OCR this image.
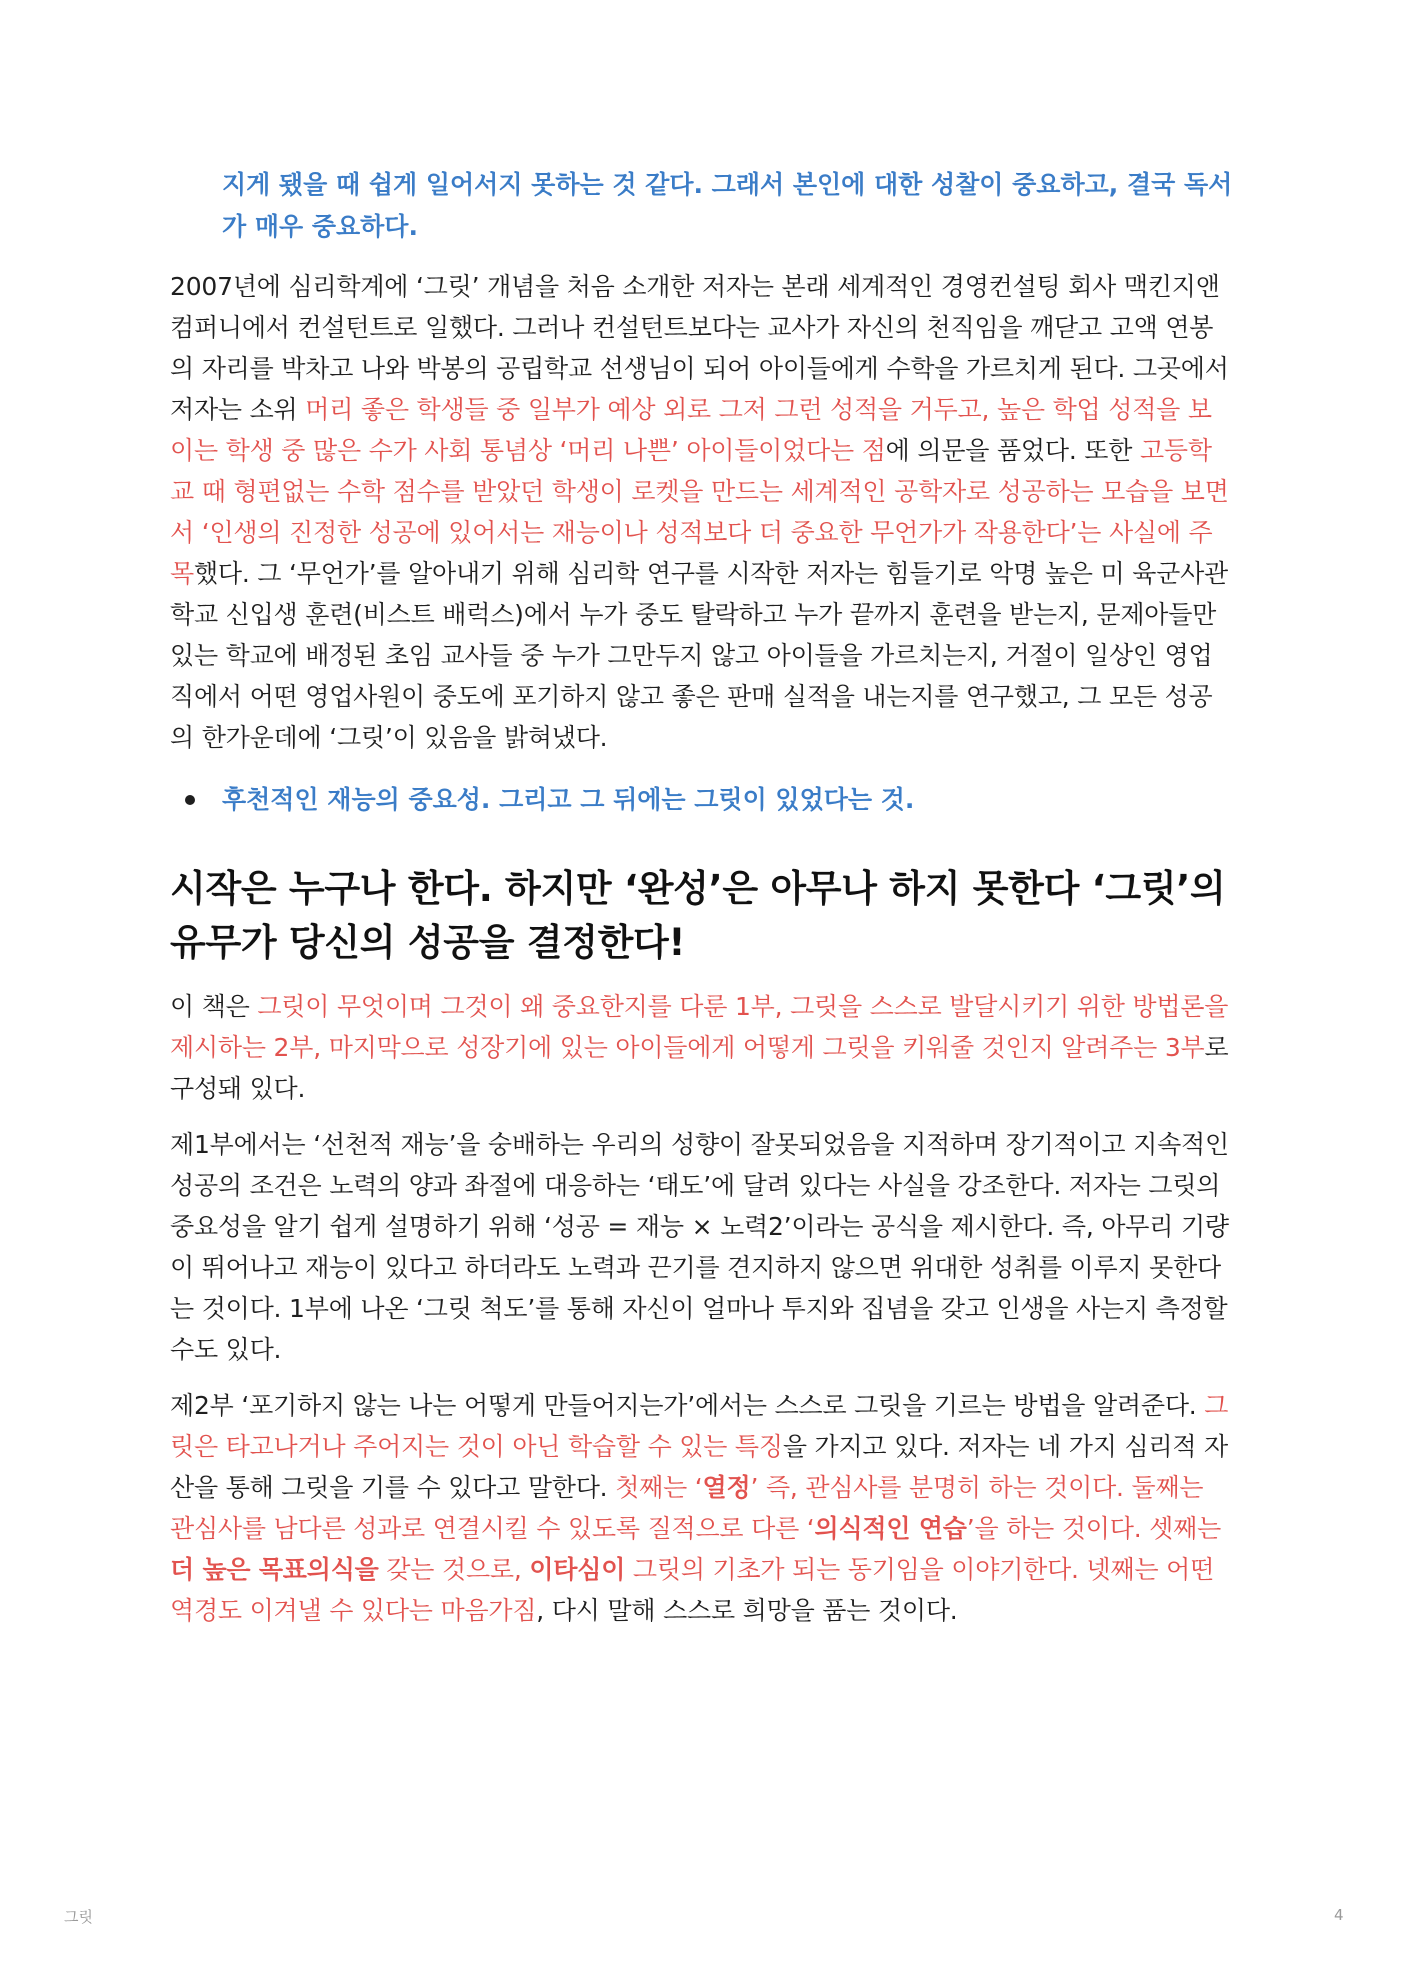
지게 됐을 때 쉽게 일어서지 못하는 것 같다. 그래서 본인에 대한 성찰이 중요하고, 결국 독서가 매우 중요하다.

2007년에 심리학계에 ‘그릿’ 개념을 처음 소개한 저자는 본래 세계적인 경영컨설팅 회사 맥킨지앤컴퍼니에서 컨설턴트로 일했다. 그러나 컨설턴트보다는 교사가 자신의 천직임을 깨닫고 고액 연봉의 자리를 박차고 나와 박봉의 공립학교 선생님이 되어 아이들에게 수학을 가르치게 된다. 그곳에서 저자는 소위 머리 좋은 학생들 중 일부가 예상 외로 그저 그런 성적을 거두고, 높은 학업 성적을 보이는 학생 중 많은 수가 사회 통념상 ‘머리 나쁜’ 아이들이었다는 점에 의문을 품었다. 또한 고등학교 때 형편없는 수학 점수를 받았던 학생이 로켓을 만드는 세계적인 공학자로 성공하는 모습을 보면서 ‘인생의 진정한 성공에 있어서는 재능이나 성적보다 더 중요한 무언가가 작용한다’는 사실에 주목했다. 그 ‘무언가’를 알아내기 위해 심리학 연구를 시작한 저자는 힘들기로 악명 높은 미 육군사관학교 신입생 훈련(비스트 배럭스)에서 누가 중도 탈락하고 누가 끝까지 훈련을 받는지, 문제아들만 있는 학교에 배정된 초임 교사들 중 누가 그만두지 않고 아이들을 가르치는지, 거절이 일상인 영업직에서 어떤 영업사원이 중도에 포기하지 않고 좋은 판매 실적을 내는지를 연구했고, 그 모든 성공의 한가운데에 ‘그릿’이 있음을 밝혀냈다.

후천적인 재능의 중요성. 그리고 그 뒤에는 그릿이 있었다는 것.
시작은 누구나 한다. 하지만 ‘완성’은 아무나 하지 못한다 ‘그릿’의 유무가 당신의 성공을 결정한다!

이 책은 그릿이 무엇이며 그것이 왜 중요한지를 다룬 1부, 그릿을 스스로 발달시키기 위한 방법론을 제시하는 2부, 마지막으로 성장기에 있는 아이들에게 어떻게 그릿을 키워줄 것인지 알려주는 3부로 구성돼 있다.

제1부에서는 ‘선천적 재능’을 숭배하는 우리의 성향이 잘못되었음을 지적하며 장기적이고 지속적인 성공의 조건은 노력의 양과 좌절에 대응하는 ‘태도’에 달려 있다는 사실을 강조한다. 저자는 그릿의 중요성을 알기 쉽게 설명하기 위해 ‘성공 = 재능 × 노력2’이라는 공식을 제시한다. 즉, 아무리 기량이 뛰어나고 재능이 있다고 하더라도 노력과 끈기를 견지하지 않으면 위대한 성취를 이루지 못한다는 것이다. 1부에 나온 ‘그릿 척도’를 통해 자신이 얼마나 투지와 집념을 갖고 인생을 사는지 측정할 수도 있다.

제2부 ‘포기하지 않는 나는 어떻게 만들어지는가’에서는 스스로 그릿을 기르는 방법을 알려준다. 그릿은 타고나거나 주어지는 것이 아닌 학습할 수 있는 특징을 가지고 있다. 저자는 네 가지 심리적 자산을 통해 그릿을 기를 수 있다고 말한다. 첫째는 ‘열정’ 즉, 관심사를 분명히 하는 것이다. 둘째는 관심사를 남다른 성과로 연결시킬 수 있도록 질적으로 다른 ‘의식적인 연습’을 하는 것이다. 셋째는 더 높은 목표의식을 갖는 것으로, 이타심이 그릿의 기초가 되는 동기임을 이야기한다. 넷째는 어떤 역경도 이겨낼 수 있다는 마음가짐, 다시 말해 스스로 희망을 품는 것이다.

그릿	4
